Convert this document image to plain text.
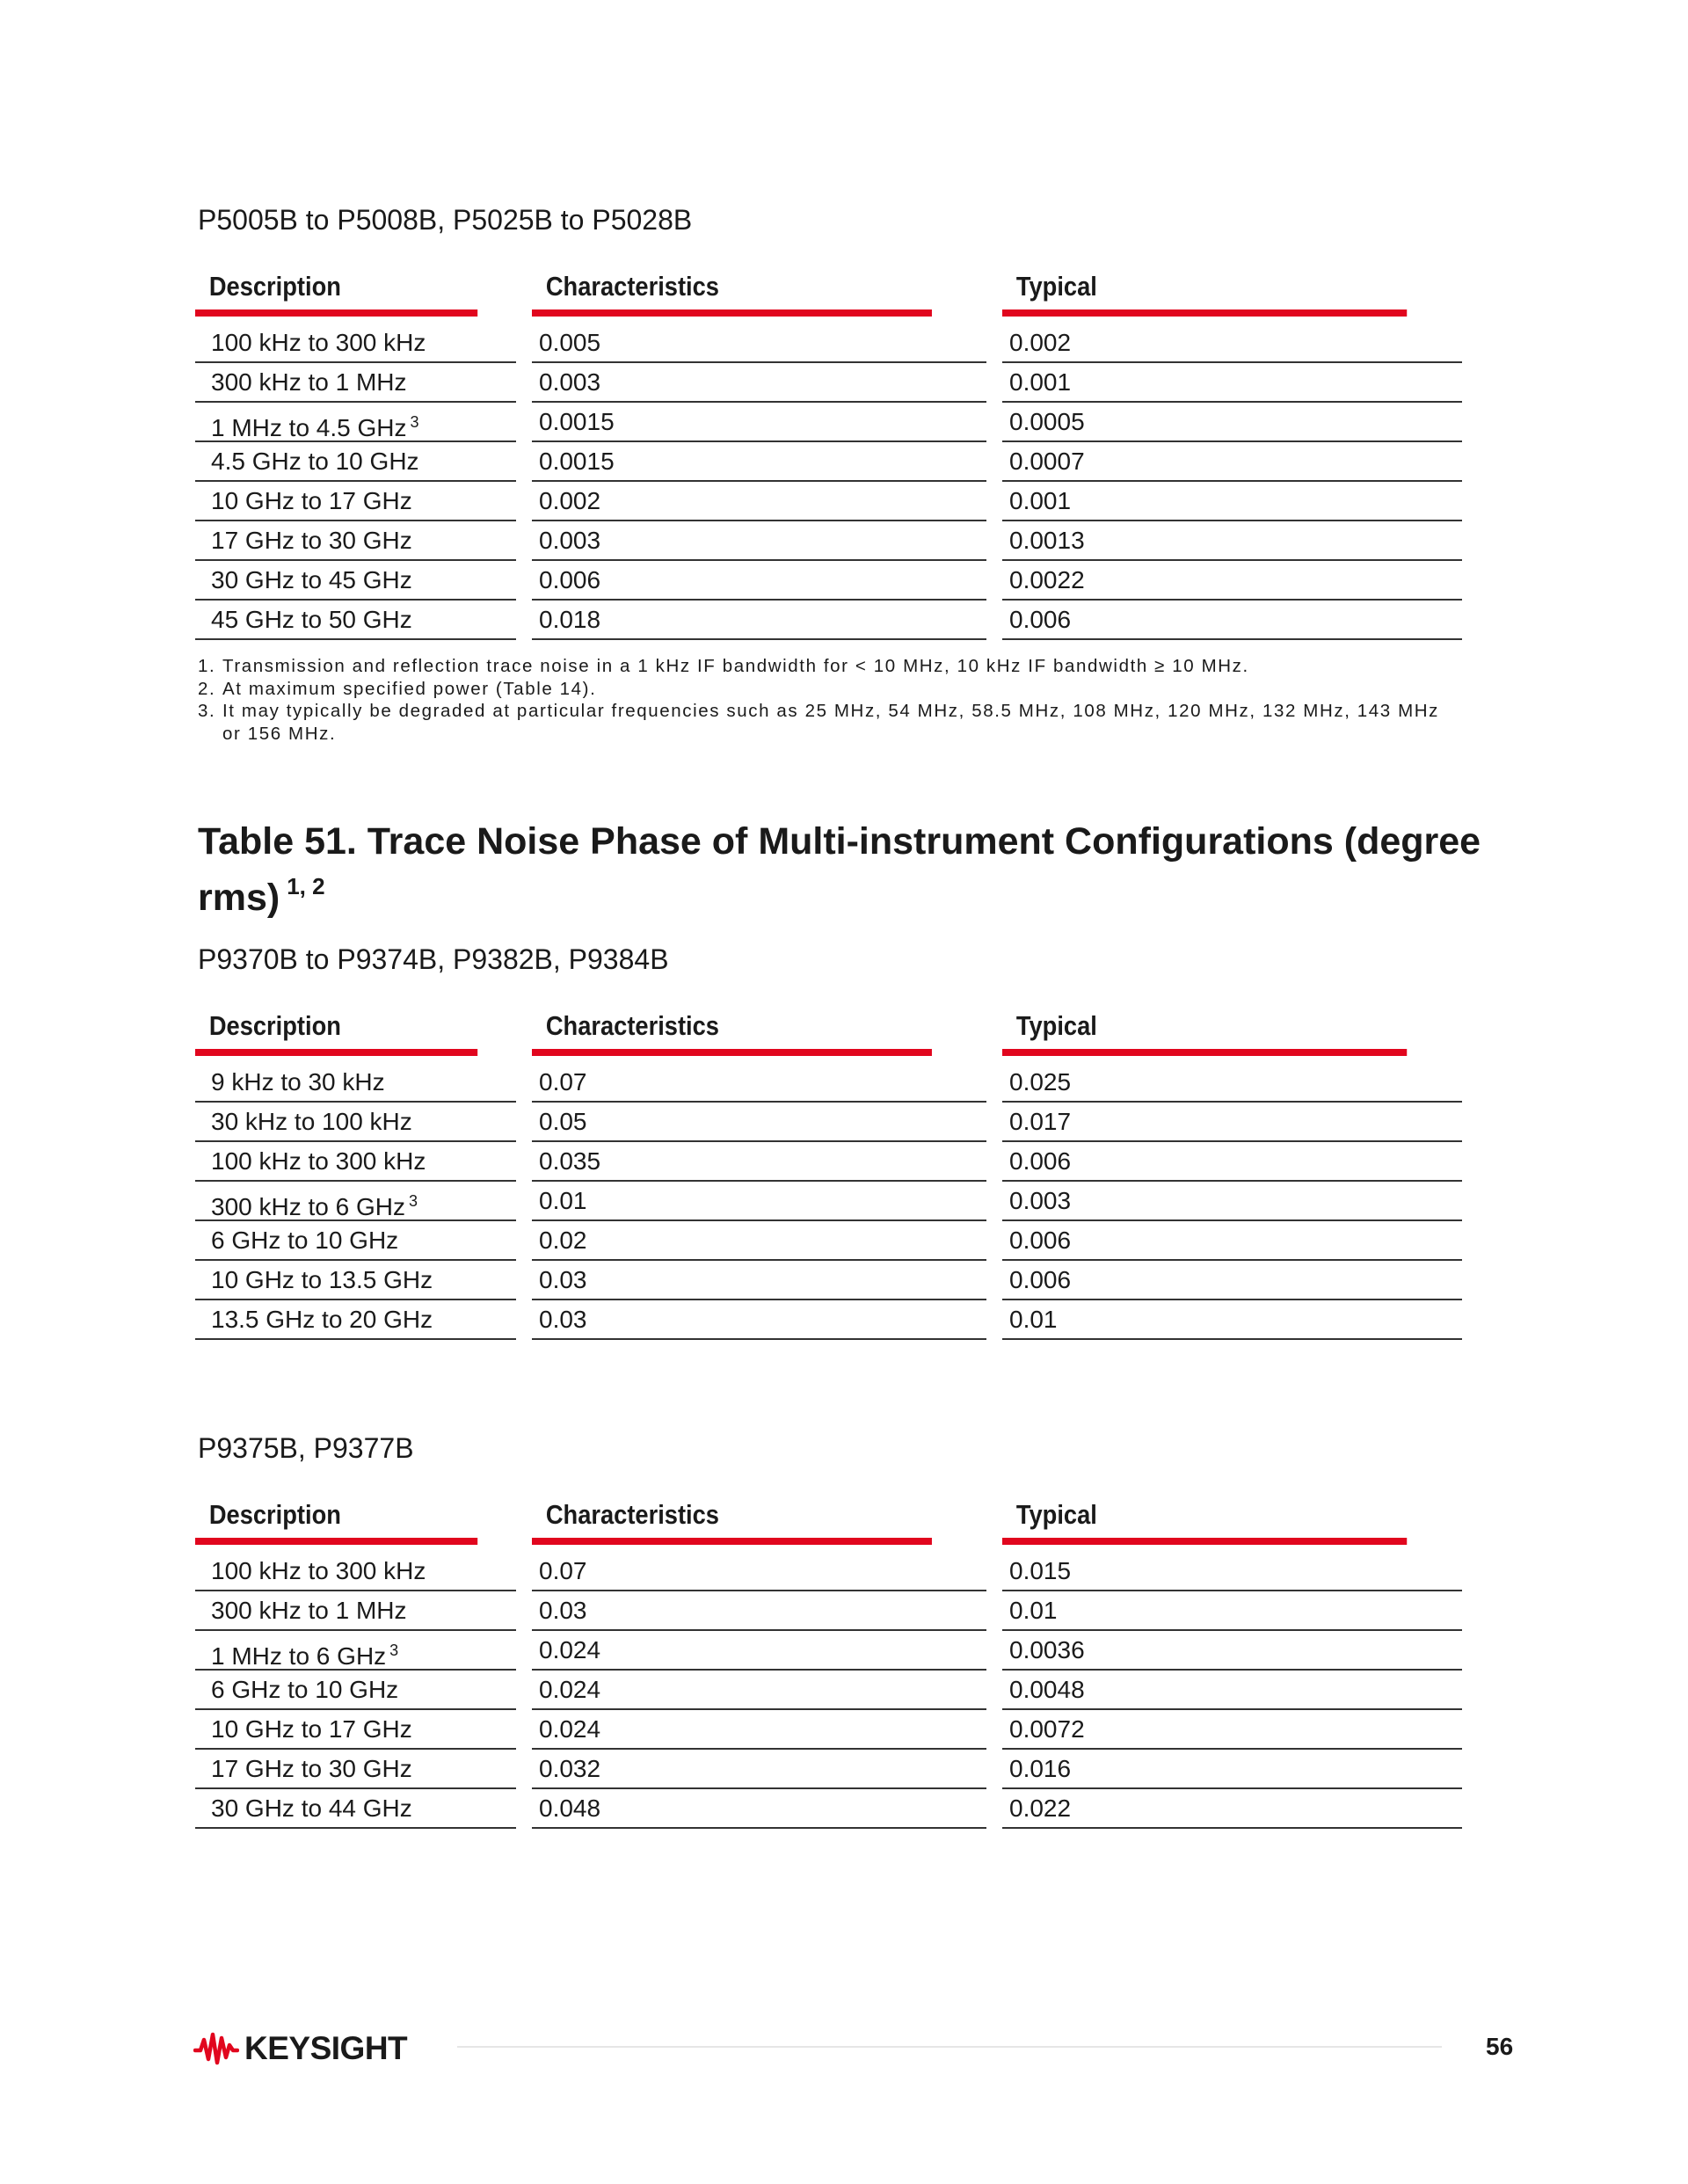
P5005B to P5008B, P5025B to P5028B
Description	Characteristics	Typical
100 kHz to 300 kHz	0.005	0.002
300 kHz to 1 MHz	0.003	0.001
1 MHz to 4.5 GHz $^3$	0.0015	0.0005
4.5 GHz to 10 GHz	0.0015	0.0007
10 GHz to 17 GHz	0.002	0.001
17 GHz to 30 GHz	0.003	0.0013
30 GHz to 45 GHz	0.006	0.0022
45 GHz to 50 GHz	0.018	0.006
1. Transmission and reflection trace noise in a 1 kHz IF bandwidth for < 10 MHz, 10 kHz IF bandwidth ≥ 10 MHz.
2. At maximum specified power (Table 14).
3. It may typically be degraded at particular frequencies such as 25 MHz, 54 MHz, 58.5 MHz, 108 MHz, 120 MHz, 132 MHz, 143 MHz or 156 MHz.
Table 51. Trace Noise Phase of Multi-instrument Configurations (degree rms) $^{1, 2}$
P9370B to P9374B, P9382B, P9384B
Description	Characteristics	Typical
9 kHz to 30 kHz	0.07	0.025
30 kHz to 100 kHz	0.05	0.017
100 kHz to 300 kHz	0.035	0.006
300 kHz to 6 GHz $^3$	0.01	0.003
6 GHz to 10 GHz	0.02	0.006
10 GHz to 13.5 GHz	0.03	0.006
13.5 GHz to 20 GHz	0.03	0.01
P9375B, P9377B
Description	Characteristics	Typical
100 kHz to 300 kHz	0.07	0.015
300 kHz to 1 MHz	0.03	0.01
1 MHz to 6 GHz $^3$	0.024	0.0036
6 GHz to 10 GHz	0.024	0.0048
10 GHz to 17 GHz	0.024	0.0072
17 GHz to 30 GHz	0.032	0.016
30 GHz to 44 GHz	0.048	0.022
KEYSIGHT	56
